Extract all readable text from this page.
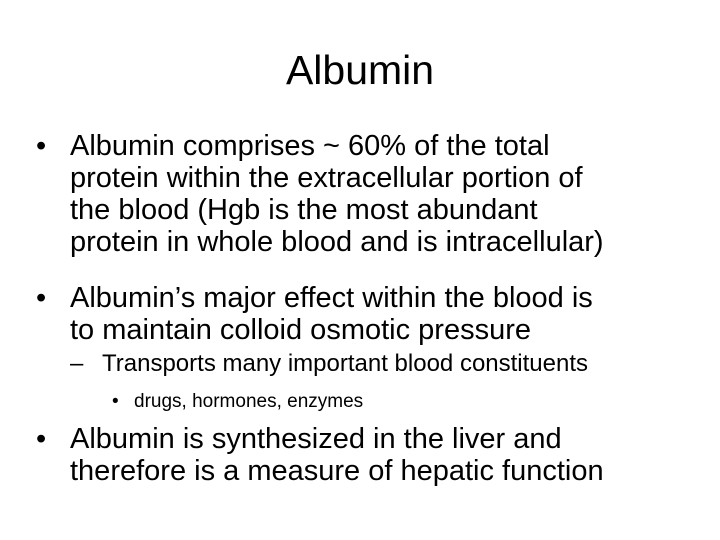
Albumin
• Albumin comprises ~ 60% of the total
protein within the extracellular portion of
the blood (Hgb is the most abundant
protein in whole blood and is intracellular)
• Albumin’s major effect within the blood is
to maintain colloid osmotic pressure
– Transports many important blood constituents
• drugs, hormones, enzymes
• Albumin is synthesized in the liver and
therefore is a measure of hepatic function
